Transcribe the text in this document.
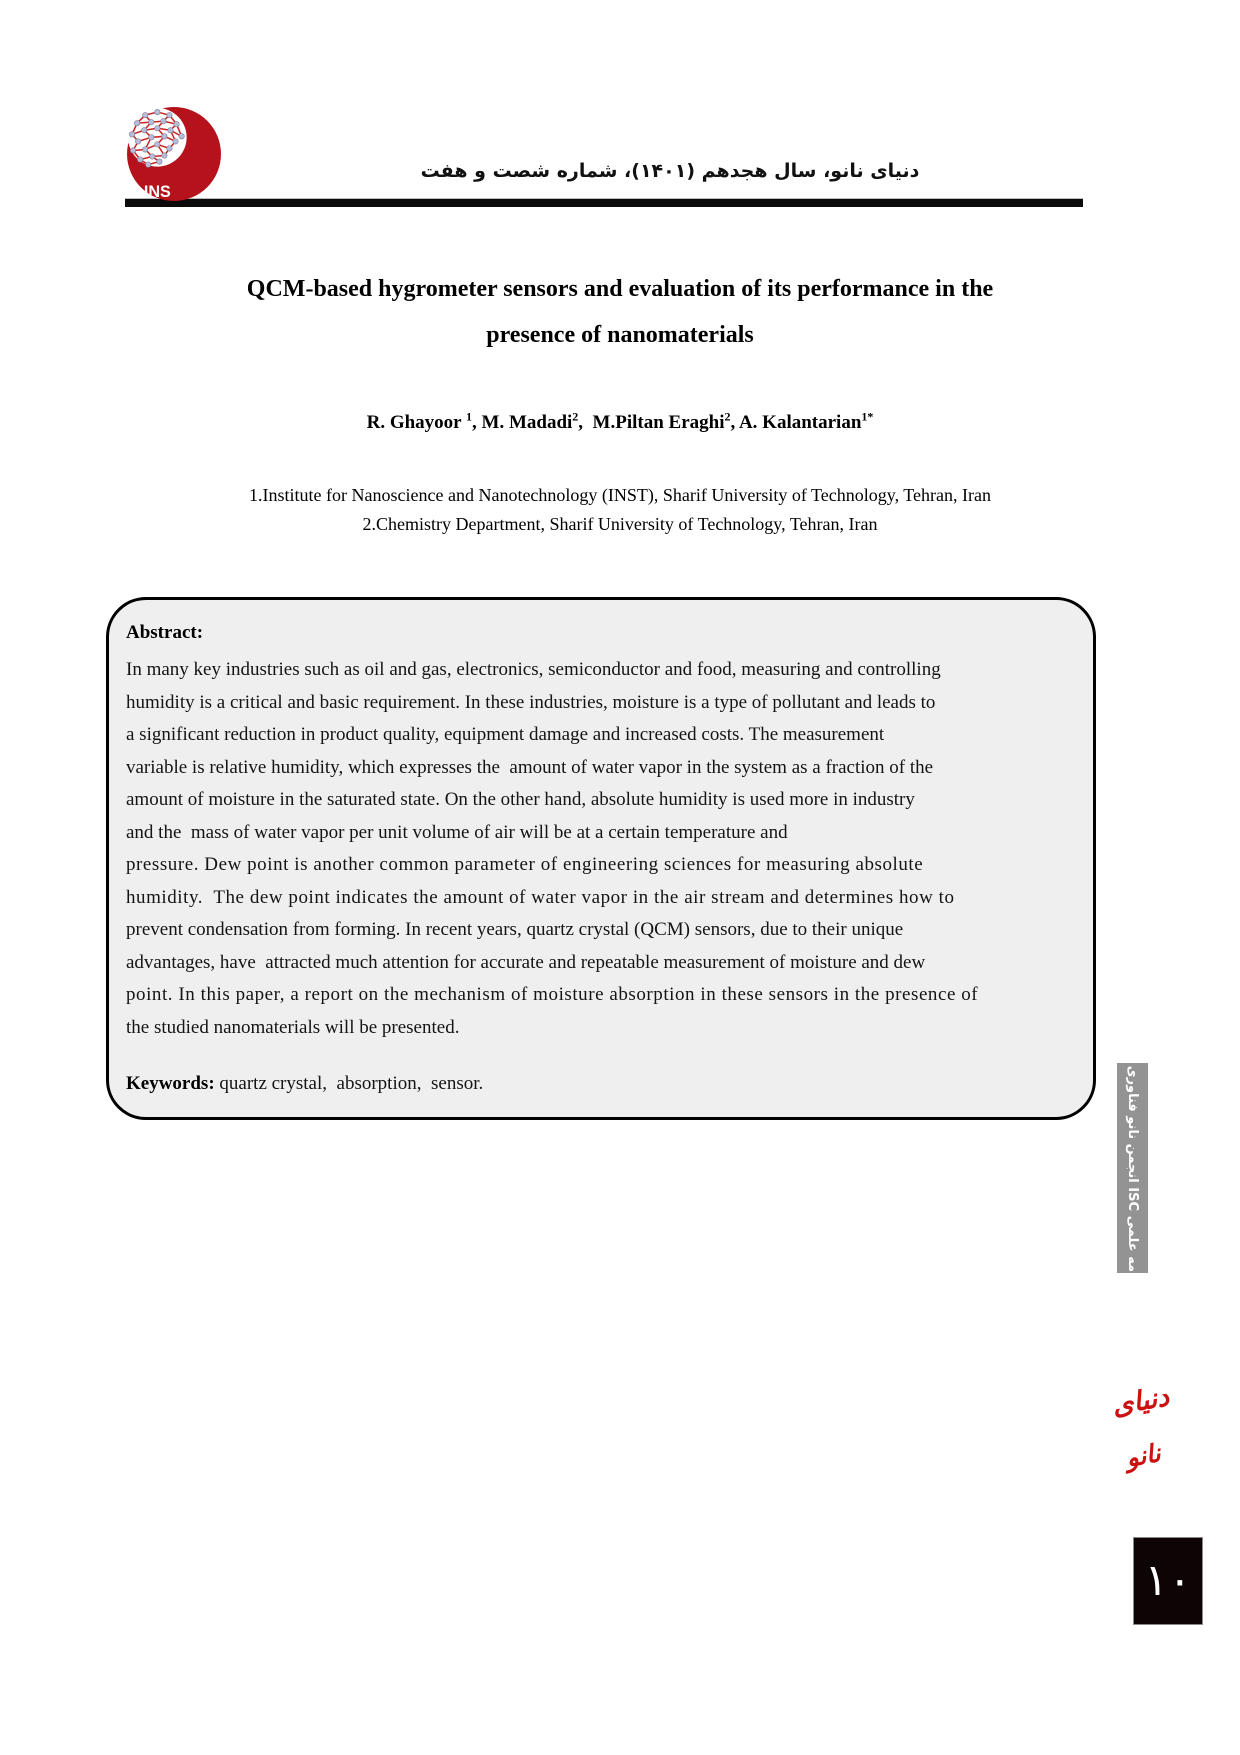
INS
دنیای نانو، سال هجدهم (۱۴۰۱)، شماره شصت و هفت
QCM-based hygrometer sensors and evaluation of its performance in the
presence of nanomaterials
R. Ghayoor $^1$, M. Madadi$^2$,  M.Piltan Eraghi$^2$, A. Kalantarian$^{1*}$
1.Institute for Nanoscience and Nanotechnology (INST), Sharif University of Technology, Tehran, Iran
2.Chemistry Department, Sharif University of Technology, Tehran, Iran
Abstract:
In many key industries such as oil and gas, electronics, semiconductor and food, measuring and controlling
humidity is a critical and basic requirement. In these industries, moisture is a type of pollutant and leads to
a significant reduction in product quality, equipment damage and increased costs. The measurement
variable is relative humidity, which expresses the  amount of water vapor in the system as a fraction of the
amount of moisture in the saturated state. On the other hand, absolute humidity is used more in industry
and the  mass of water vapor per unit volume of air will be at a certain temperature and
pressure. Dew point is another common parameter of engineering sciences for measuring absolute
humidity.  The dew point indicates the amount of water vapor in the air stream and determines how to
prevent condensation from forming. In recent years, quartz crystal (QCM) sensors, due to their unique
advantages, have  attracted much attention for accurate and repeatable measurement of moisture and dew
point. In this paper, a report on the mechanism of moisture absorption in these sensors in the presence of
the studied nanomaterials will be presented.
Keywords: quartz crystal,  absorption,  sensor.	فصلنامه علمی ISC انجمن نانو فناوری ایران
دنیای
نانو
۱۰
